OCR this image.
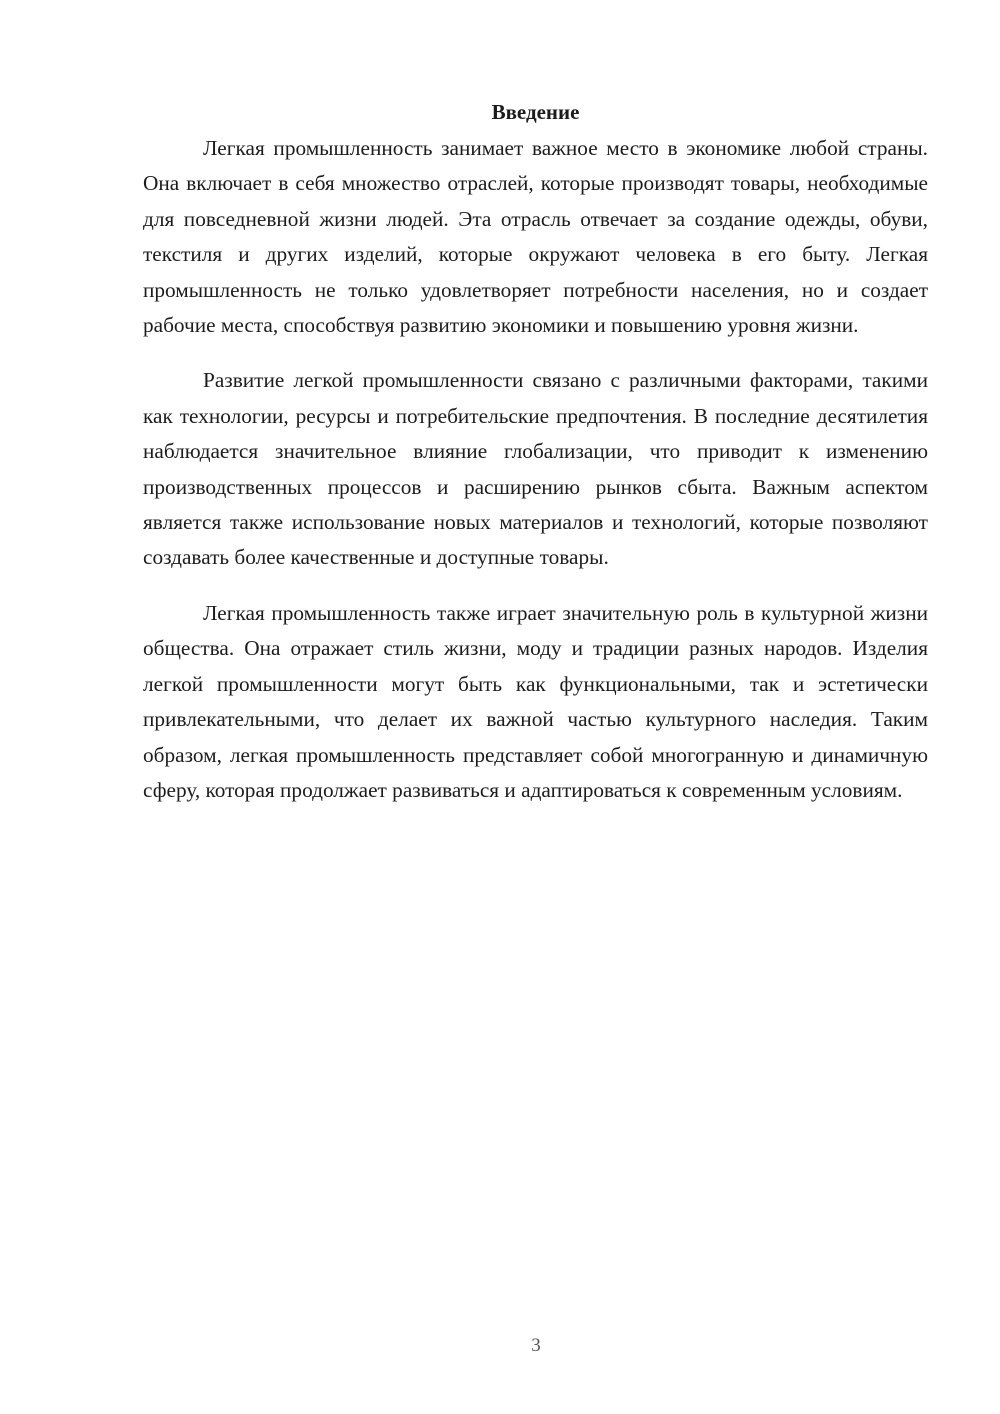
Введение

Легкая промышленность занимает важное место в экономике любой страны. Она включает в себя множество отраслей, которые производят товары, необходимые для повседневной жизни людей. Эта отрасль отвечает за создание одежды, обуви, текстиля и других изделий, которые окружают человека в его быту. Легкая промышленность не только удовлетворяет потребности населения, но и создает рабочие места, способствуя развитию экономики и повышению уровня жизни.

Развитие легкой промышленности связано с различными факторами, такими как технологии, ресурсы и потребительские предпочтения. В последние десятилетия наблюдается значительное влияние глобализации, что приводит к изменению производственных процессов и расширению рынков сбыта. Важным аспектом является также использование новых материалов и технологий, которые позволяют создавать более качественные и доступные товары.

Легкая промышленность также играет значительную роль в культурной жизни общества. Она отражает стиль жизни, моду и традиции разных народов. Изделия легкой промышленности могут быть как функциональными, так и эстетически привлекательными, что делает их важной частью культурного наследия. Таким образом, легкая промышленность представляет собой многогранную и динамичную сферу, которая продолжает развиваться и адаптироваться к современным условиям.

3
